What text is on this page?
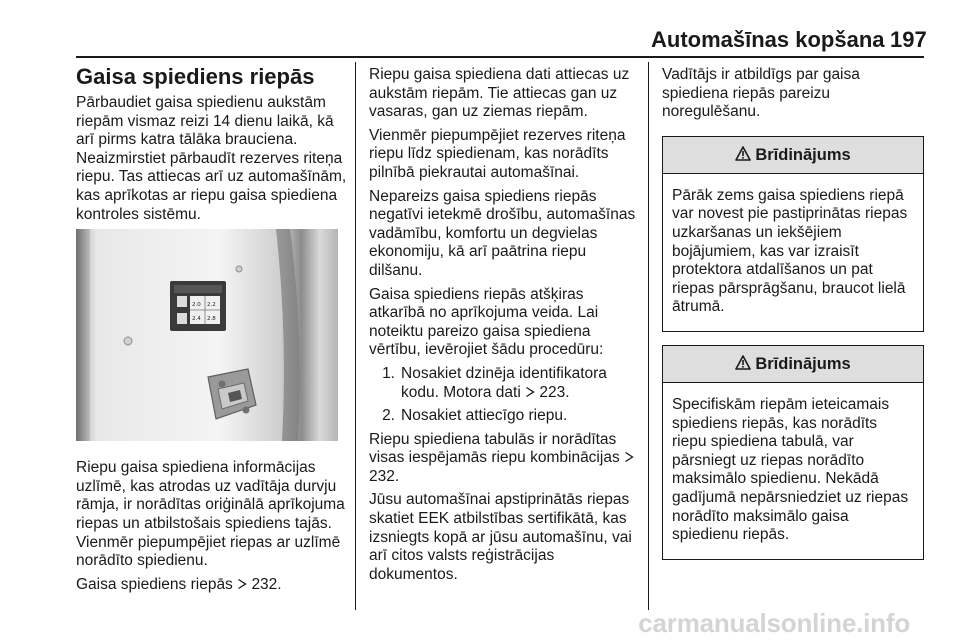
Automašīnas kopšana 197
Gaisa spiediens riepās

Pārbaudiet gaisa spiedienu aukstām riepām vismaz reizi 14 dienu laikā, kā arī pirms katra tālāka brauciena. Neaizmirstiet pārbaudīt rezerves riteņa riepu. Tas attiecas arī uz automašīnām, kas aprīkotas ar riepu gaisa spiediena kontroles sistēmu.

2.0 2.2
2.4 2.8

Riepu gaisa spiediena informācijas uzlīmē, kas atrodas uz vadītāja durvju rāmja, ir norādītas oriģinālā aprīkojuma riepas un atbilstošais spiediens tajās. Vienmēr piepumpējiet riepas ar uzlīmē norādīto spiedienu.

Gaisa spiediens riepās 232.

Riepu gaisa spiediena dati attiecas uz aukstām riepām. Tie attiecas gan uz vasaras, gan uz ziemas riepām.

Vienmēr piepumpējiet rezerves riteņa riepu līdz spiedienam, kas norādīts pilnībā piekrautai automašīnai.

Nepareizs gaisa spiediens riepās negatīvi ietekmē drošību, automašīnas vadāmību, komfortu un degvielas ekonomiju, kā arī paātrina riepu dilšanu.

Gaisa spiediens riepās atšķiras atkarībā no aprīkojuma veida. Lai noteiktu pareizo gaisa spiediena vērtību, ievērojiet šādu procedūru:

1. Nosakiet dzinēja identifikatora kodu. Motora dati 223.
2. Nosakiet attiecīgo riepu.

Riepu spiediena tabulās ir norādītas visas iespējamās riepu kombinācijas  232.

Jūsu automašīnai apstiprinātās riepas skatiet EEK atbilstības sertifikātā, kas izsniegts kopā ar jūsu automašīnu, vai arī citos valsts reģistrācijas dokumentos.

Vadītājs ir atbildīgs par gaisa spiediena riepās pareizu noregulēšanu.

Brīdinājums
Pārāk zems gaisa spiediens riepā var novest pie pastiprinātas riepas uzkaršanas un iekšējiem bojājumiem, kas var izraisīt protektora atdalīšanos un pat riepas pārsprāgšanu, braucot lielā ātrumā.
Brīdinājums
Specifiskām riepām ieteicamais spiediens riepās, kas norādīts riepu spiediena tabulā, var pārsniegt uz riepas norādīto maksimālo spiedienu. Nekādā gadījumā nepārsniedziet uz riepas norādīto maksimālo gaisa spiedienu riepās.
carmanualsonline.info
